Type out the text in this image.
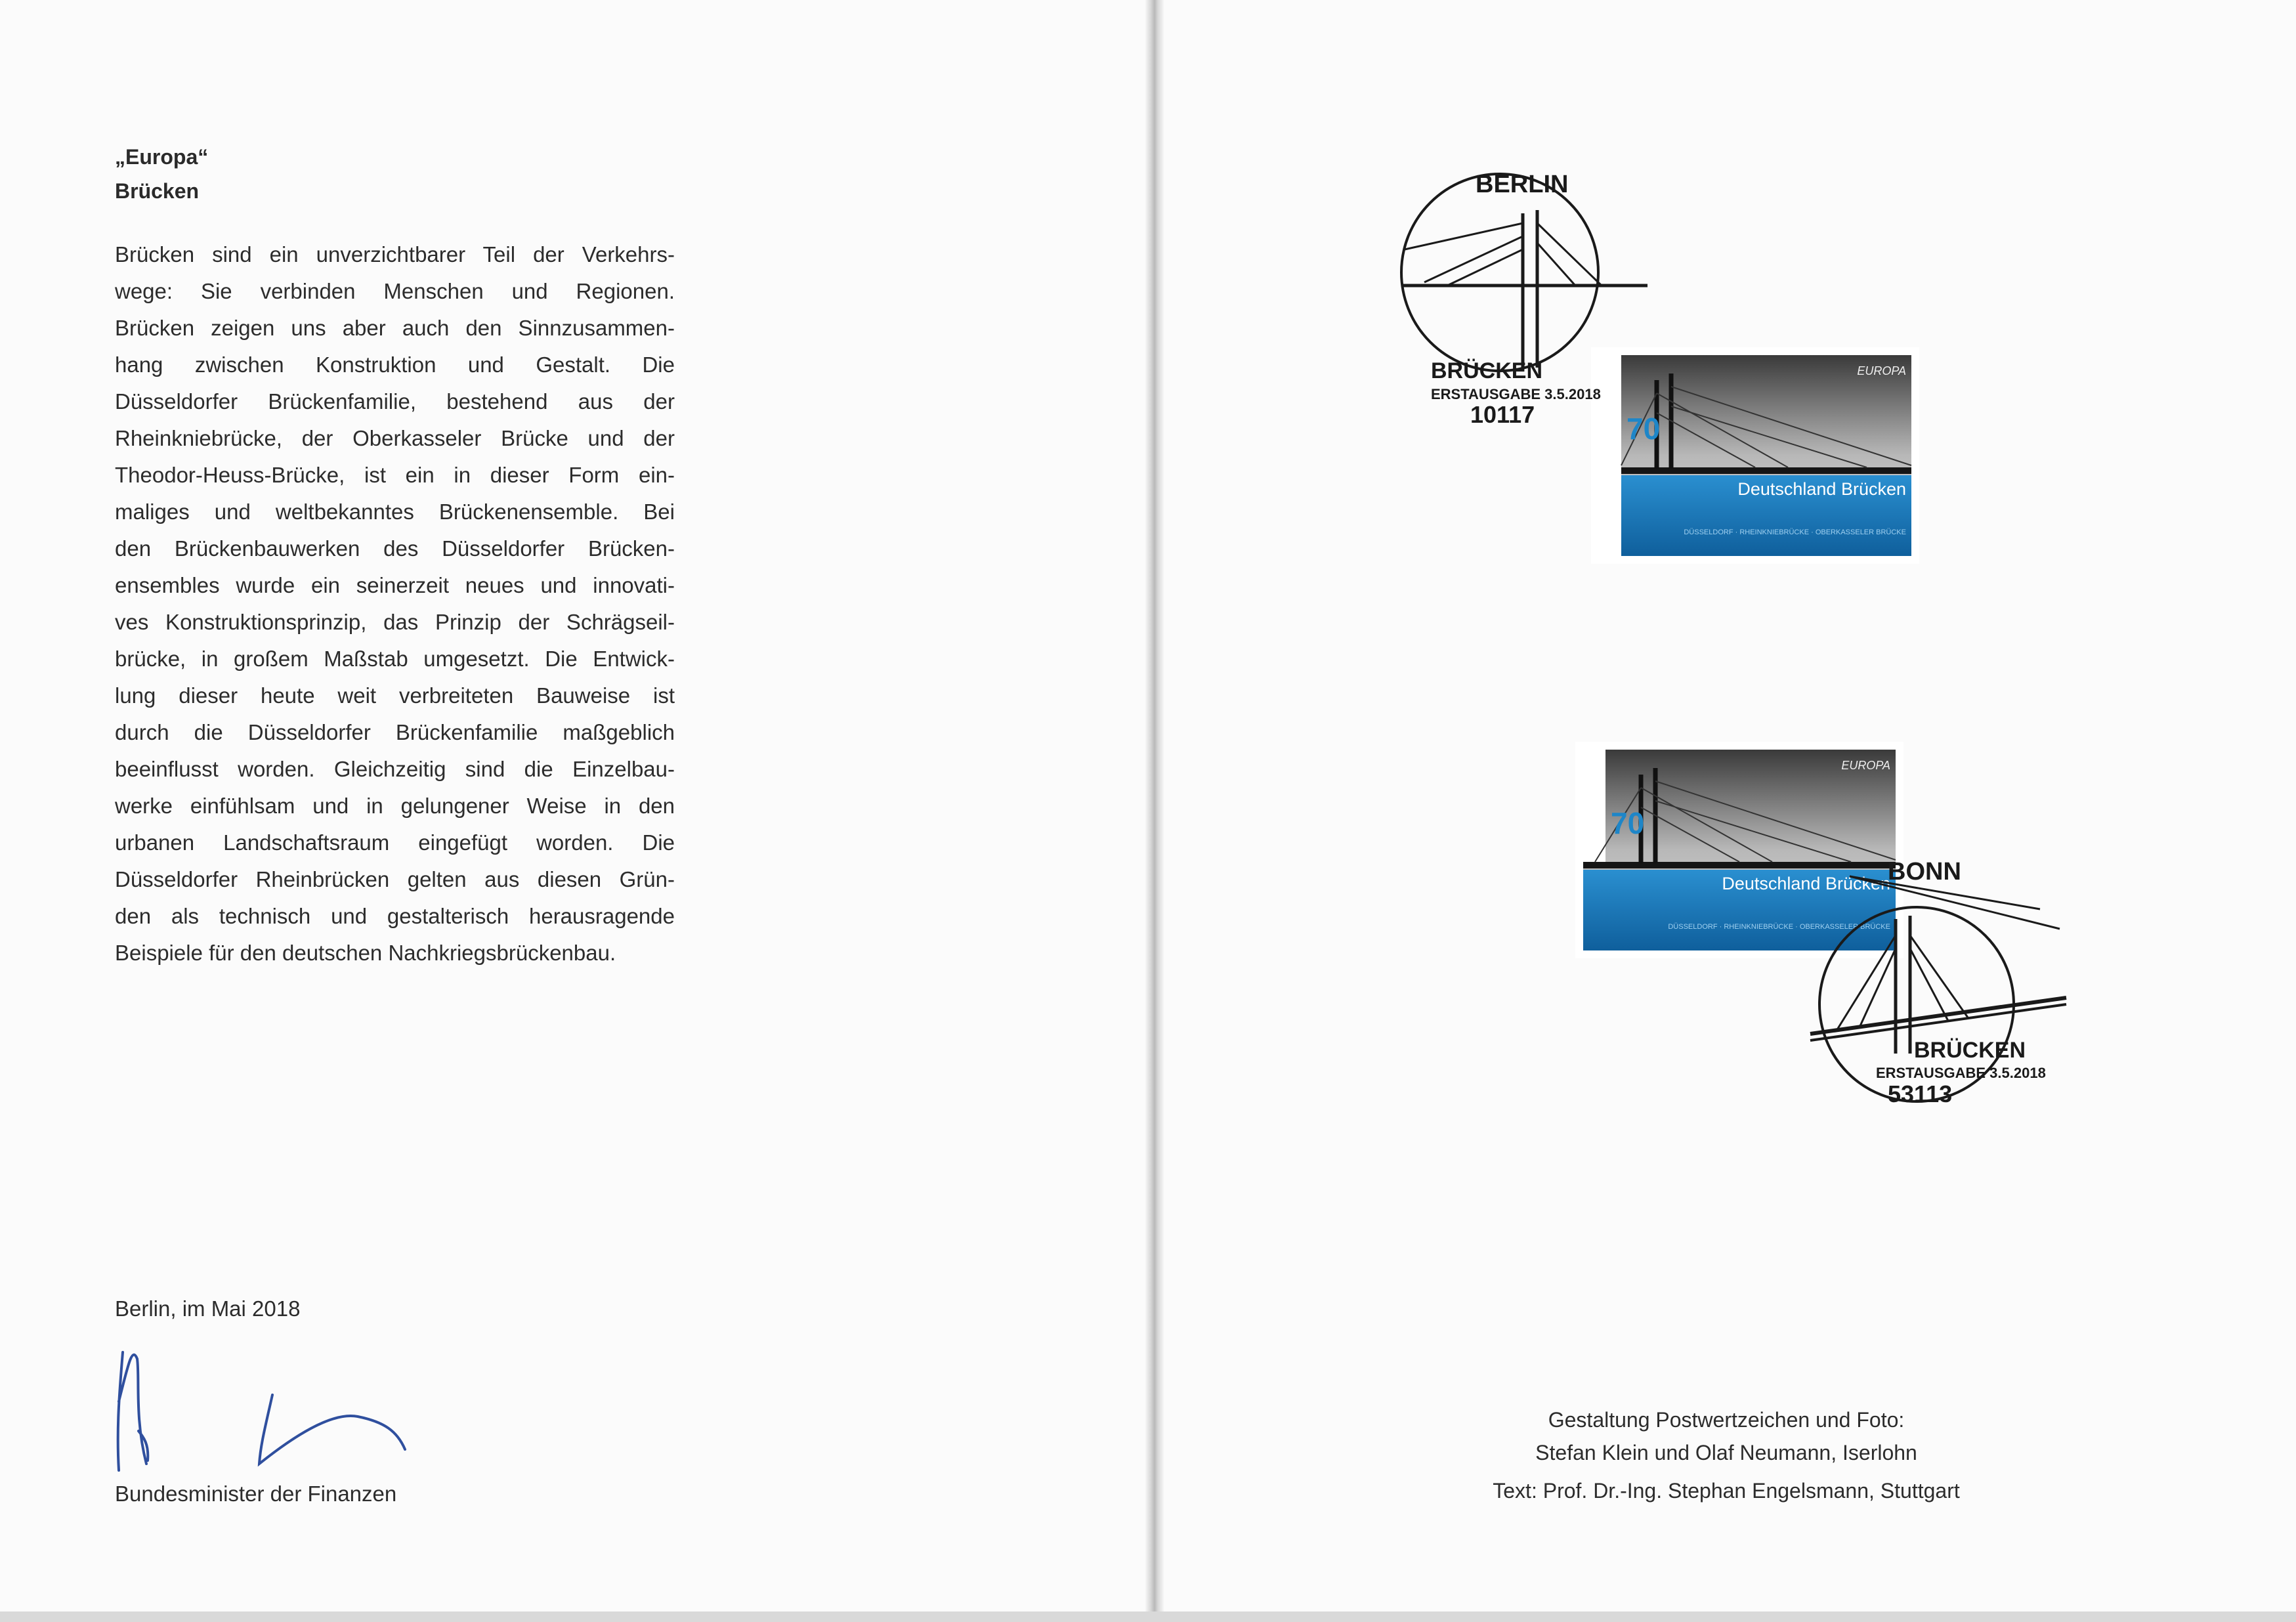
„Europa“
Brücken

Brücken sind ein unverzichtbarer Teil der Verkehrs-

wege: Sie verbinden Menschen und Regionen.

Brücken zeigen uns aber auch den Sinnzusammen-

hang zwischen Konstruktion und Gestalt. Die

Düsseldorfer Brückenfamilie, bestehend aus der

Rheinkniebrücke, der Oberkasseler Brücke und der

Theodor-Heuss-Brücke, ist ein in dieser Form ein-

maliges und weltbekanntes Brückenensemble. Bei

den Brückenbauwerken des Düsseldorfer Brücken-

ensembles wurde ein seinerzeit neues und innovati-

ves Konstruktionsprinzip, das Prinzip der Schrägseil-

brücke, in großem Maßstab umgesetzt. Die Entwick-

lung dieser heute weit verbreiteten Bauweise ist

durch die Düsseldorfer Brückenfamilie maßgeblich

beeinflusst worden. Gleichzeitig sind die Einzelbau-

werke einfühlsam und in gelungener Weise in den

urbanen Landschaftsraum eingefügt worden. Die

Düsseldorfer Rheinbrücken gelten aus diesen Grün-

den als technisch und gestalterisch herausragende

Beispiele für den deutschen Nachkriegsbrückenbau.

Berlin, im Mai 2018
Bundesminister der Finanzen
70
Deutschland Brücken
EUROPA
DÜSSELDORF · RHEINKNIEBRÜCKE · OBERKASSELER BRÜCKE
BERLIN
BRÜCKEN
ERSTAUSGABE 3.5.2018
10117
70
Deutschland Brücken
EUROPA
DÜSSELDORF · RHEINKNIEBRÜCKE · OBERKASSELER BRÜCKE
BONN
BRÜCKEN
ERSTAUSGABE 3.5.2018
53113
Gestaltung Postwertzeichen und Foto:
Stefan Klein und Olaf Neumann, Iserlohn
Text: Prof. Dr.-Ing. Stephan Engelsmann, Stuttgart
